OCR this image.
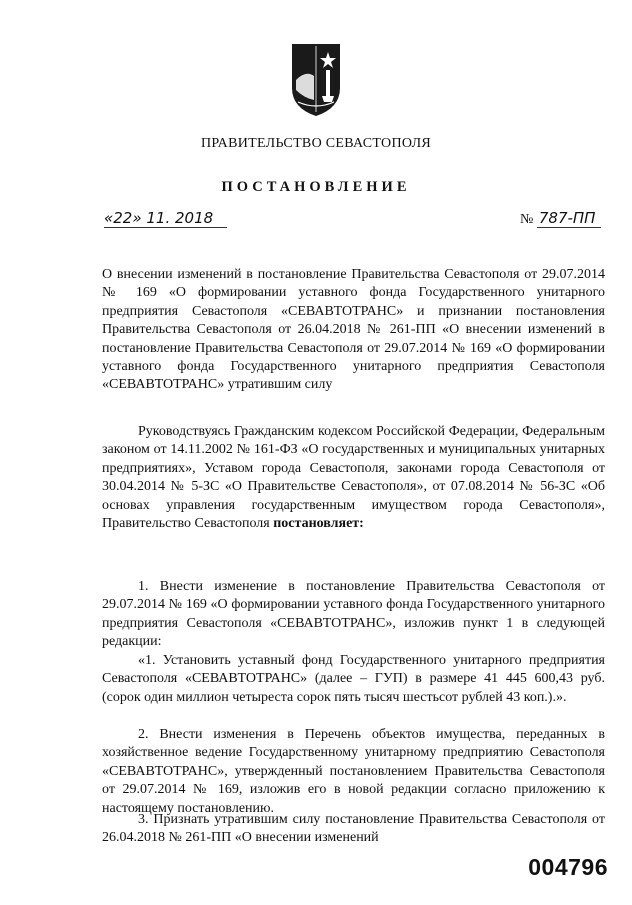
ПРАВИТЕЛЬСТВО СЕВАСТОПОЛЯ
ПОСТАНОВЛЕНИЕ
«22» 11. 2018	№ 787-ПП
О внесении изменений в постановление Правительства Севастополя от 29.07.2014 № 169 «О формировании уставного фонда Государственного унитарного предприятия Севастополя «СЕВАВТОТРАНС» и признании постановления Правительства Севастополя от 26.04.2018 № 261-ПП «О внесении изменений в постановление Правительства Севастополя от 29.07.2014 № 169 «О формировании уставного фонда Государственного унитарного предприятия Севастополя «СЕВАВТОТРАНС» утратившим силу
Руководствуясь Гражданским кодексом Российской Федерации, Федеральным законом от 14.11.2002 № 161-ФЗ «О государственных и муниципальных унитарных предприятиях», Уставом города Севастополя, законами города Севастополя от 30.04.2014 № 5-ЗС «О Правительстве Севастополя», от 07.08.2014 № 56-ЗС «Об основах управления государственным имуществом города Севастополя», Правительство Севастополя постановляет:
1. Внести изменение в постановление Правительства Севастополя от 29.07.2014 № 169 «О формировании уставного фонда Государственного унитарного предприятия Севастополя «СЕВАВТОТРАНС», изложив пункт 1 в следующей редакции:
«1. Установить уставный фонд Государственного унитарного предприятия Севастополя «СЕВАВТОТРАНС» (далее – ГУП) в размере 41 445 600,43 руб. (сорок один миллион четыреста сорок пять тысяч шестьсот рублей 43 коп.).».
2. Внести изменения в Перечень объектов имущества, переданных в хозяйственное ведение Государственному унитарному предприятию Севастополя «СЕВАВТОТРАНС», утвержденный постановлением Правительства Севастополя от 29.07.2014 № 169, изложив его в новой редакции согласно приложению к настоящему постановлению.
3. Признать утратившим силу постановление Правительства Севастополя от 26.04.2018 № 261-ПП «О внесении изменений
004796
